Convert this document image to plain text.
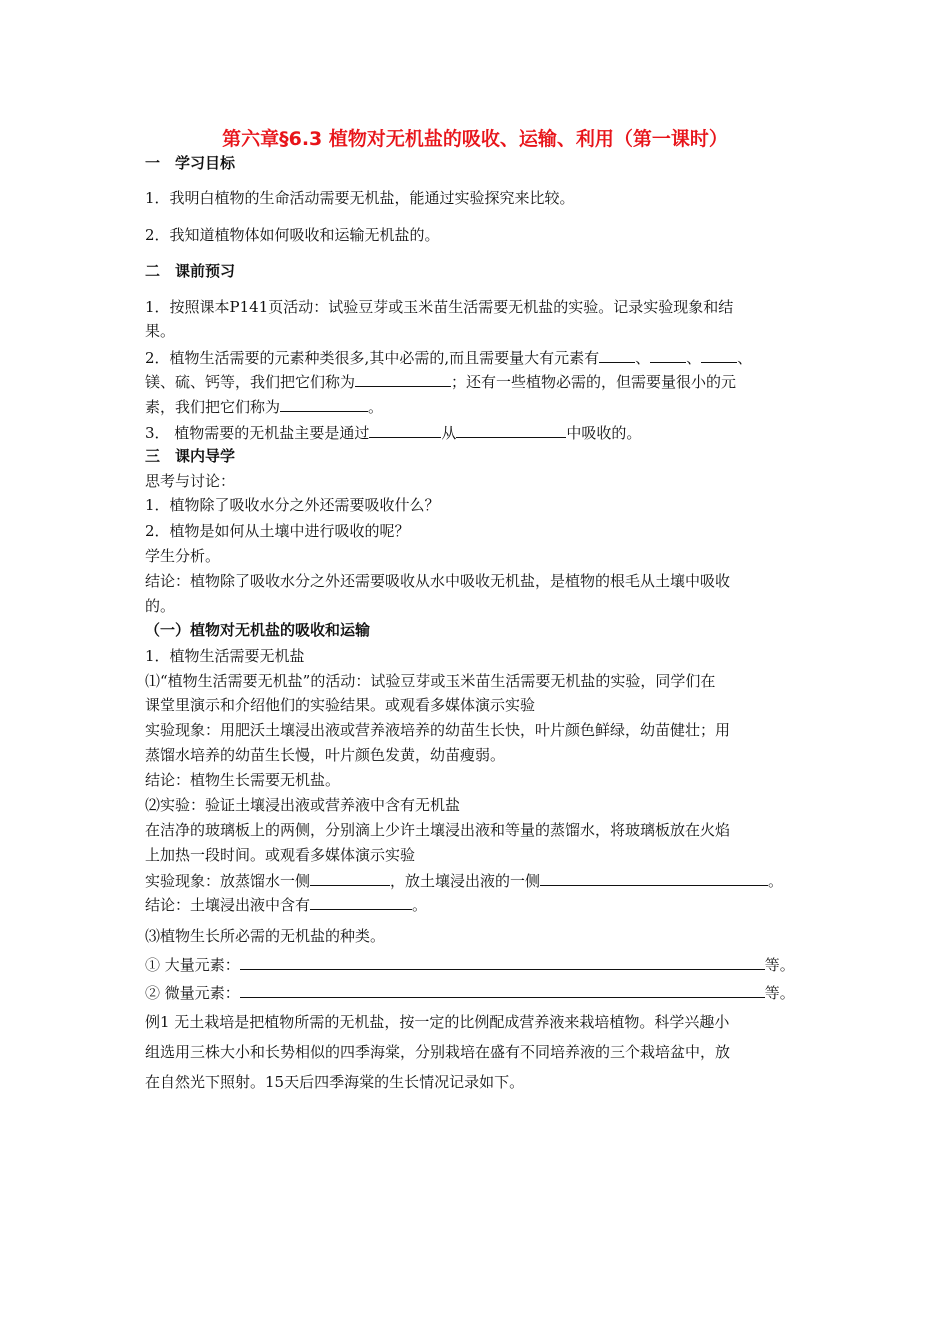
第六章§6.3 植物对无机盐的吸收、运输、利用（第一课时）
一　学习目标
1．我明白植物的生命活动需要无机盐，能通过实验探究来比较。
2．我知道植物体如何吸收和运输无机盐的。
二　课前预习
1．按照课本P141页活动：试验豆芽或玉米苗生活需要无机盐的实验。记录实验现象和结
果。
2．植物生活需要的元素种类很多,其中必需的,而且需要量大有元素有 、 、 、
镁、硫、钙等，我们把它们称为	；还有一些植物必需的，但需要量很小的元
素，我们把它们称为	。
3． 植物需要的无机盐主要是通过	从	中吸收的。
三　课内导学
思考与讨论：
1．植物除了吸收水分之外还需要吸收什么？
2．植物是如何从土壤中进行吸收的呢？
学生分析。
结论：植物除了吸收水分之外还需要吸收从水中吸收无机盐，是植物的根毛从土壤中吸收
的。
（一）植物对无机盐的吸收和运输
1．植物生活需要无机盐
⑴“植物生活需要无机盐”的活动：试验豆芽或玉米苗生活需要无机盐的实验，同学们在
课堂里演示和介绍他们的实验结果。或观看多媒体演示实验
实验现象：用肥沃土壤浸出液或营养液培养的幼苗生长快，叶片颜色鲜绿，幼苗健壮；用
蒸馏水培养的幼苗生长慢，叶片颜色发黄，幼苗瘦弱。
结论：植物生长需要无机盐。
⑵实验：验证土壤浸出液或营养液中含有无机盐
在洁净的玻璃板上的两侧，分别滴上少许土壤浸出液和等量的蒸馏水，将玻璃板放在火焰
上加热一段时间。或观看多媒体演示实验
实验现象：放蒸馏水一侧	，放土壤浸出液的一侧	。
结论：土壤浸出液中含有	。
⑶植物生长所必需的无机盐的种类。
① 大量元素：	等。
② 微量元素：	等。
例1 无土栽培是把植物所需的无机盐，按一定的比例配成营养液来栽培植物。科学兴趣小
组选用三株大小和长势相似的四季海棠，分别栽培在盛有不同培养液的三个栽培盆中，放
在自然光下照射。15天后四季海棠的生长情况记录如下。
